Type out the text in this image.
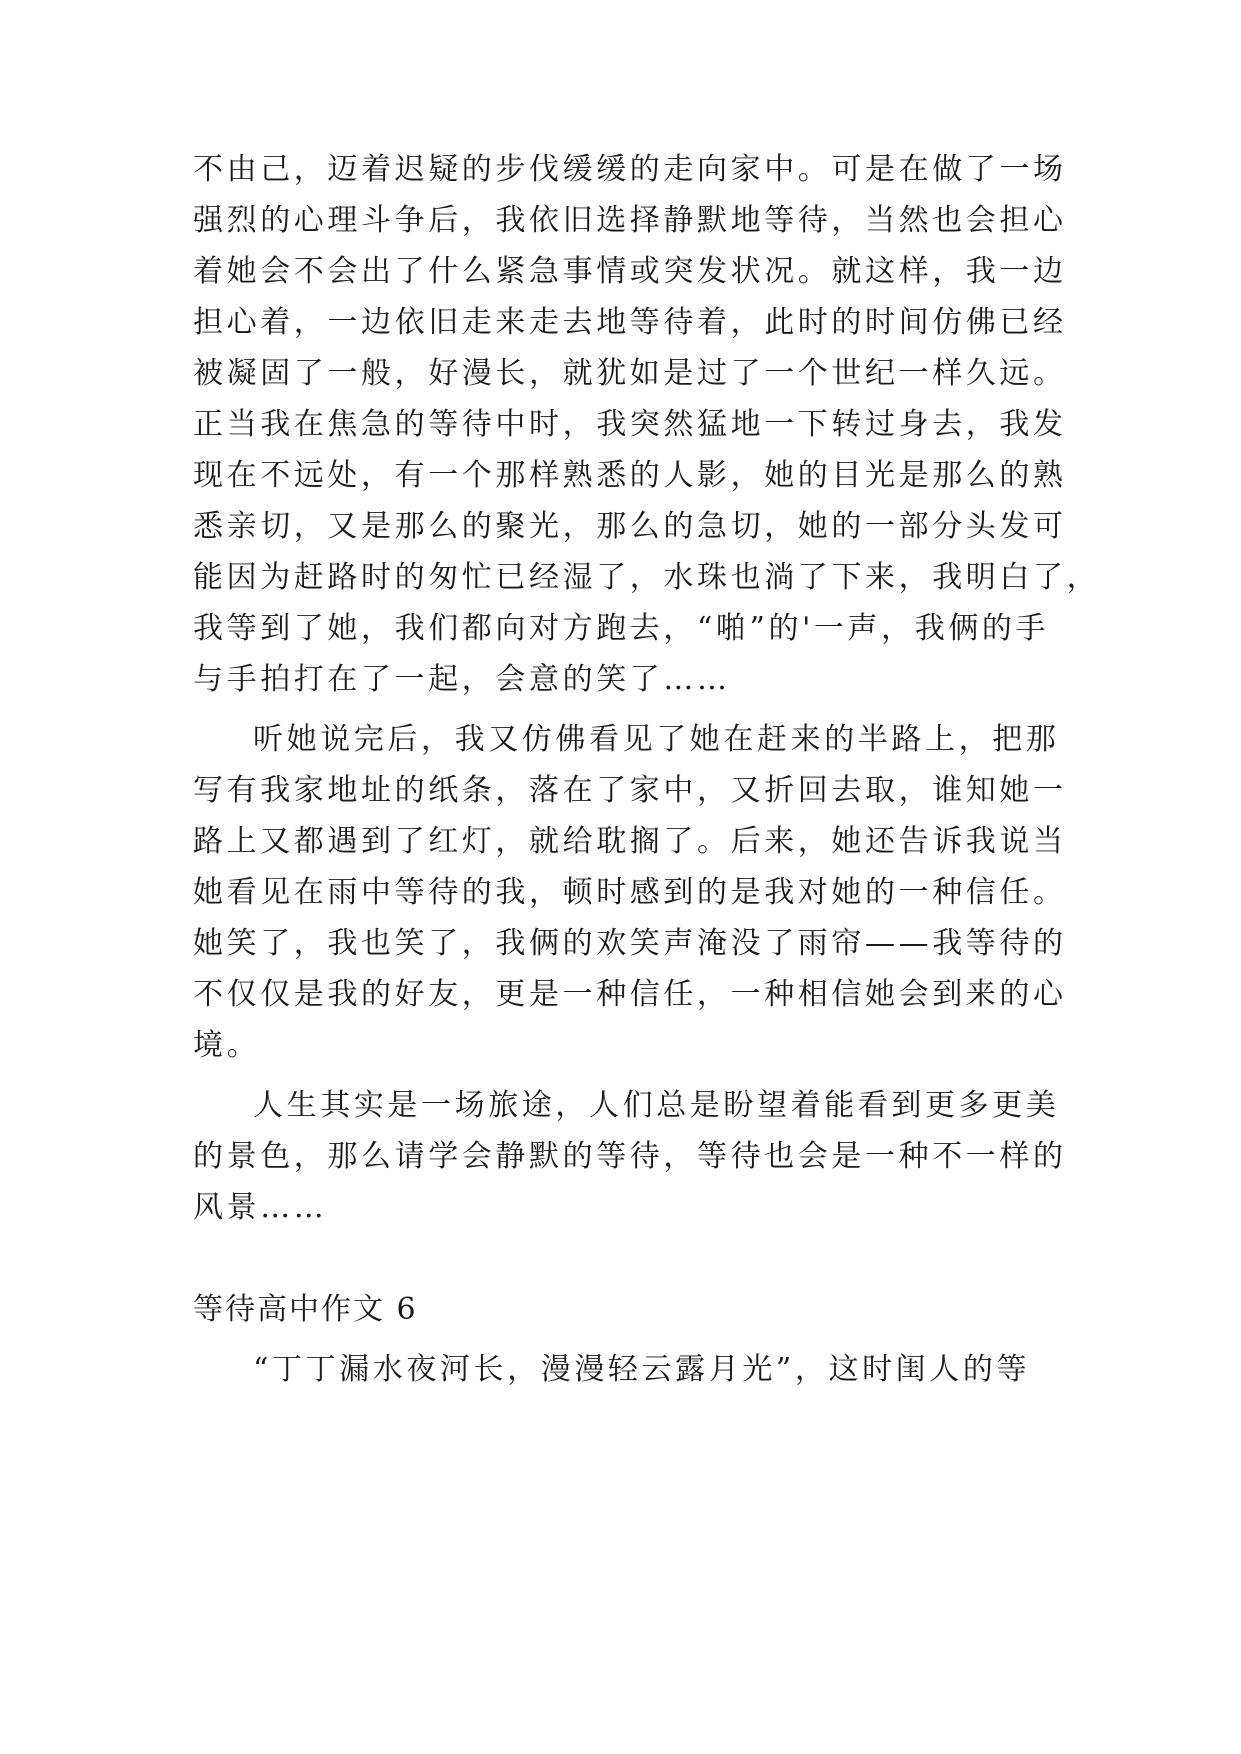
不由己，迈着迟疑的步伐缓缓的走向家中。可是在做了一场
强烈的心理斗争后，我依旧选择静默地等待，当然也会担心
着她会不会出了什么紧急事情或突发状况。就这样，我一边
担心着，一边依旧走来走去地等待着，此时的时间仿佛已经
被凝固了一般，好漫长，就犹如是过了一个世纪一样久远。
正当我在焦急的等待中时，我突然猛地一下转过身去，我发
现在不远处，有一个那样熟悉的人影，她的目光是那么的熟
悉亲切，又是那么的聚光，那么的急切，她的一部分头发可
能因为赶路时的匆忙已经湿了，水珠也淌了下来，我明白了，
我等到了她，我们都向对方跑去，“啪”的'一声，我俩的手
与手拍打在了一起，会意的笑了……
听她说完后，我又仿佛看见了她在赶来的半路上，把那
写有我家地址的纸条，落在了家中，又折回去取，谁知她一
路上又都遇到了红灯，就给耽搁了。后来，她还告诉我说当
她看见在雨中等待的我，顿时感到的是我对她的一种信任。
她笑了，我也笑了，我俩的欢笑声淹没了雨帘——我等待的
不仅仅是我的好友，更是一种信任，一种相信她会到来的心
境。
人生其实是一场旅途，人们总是盼望着能看到更多更美
的景色，那么请学会静默的等待，等待也会是一种不一样的
风景……
等待高中作文 6
“丁丁漏水夜河长，漫漫轻云露月光”，这时闺人的等
